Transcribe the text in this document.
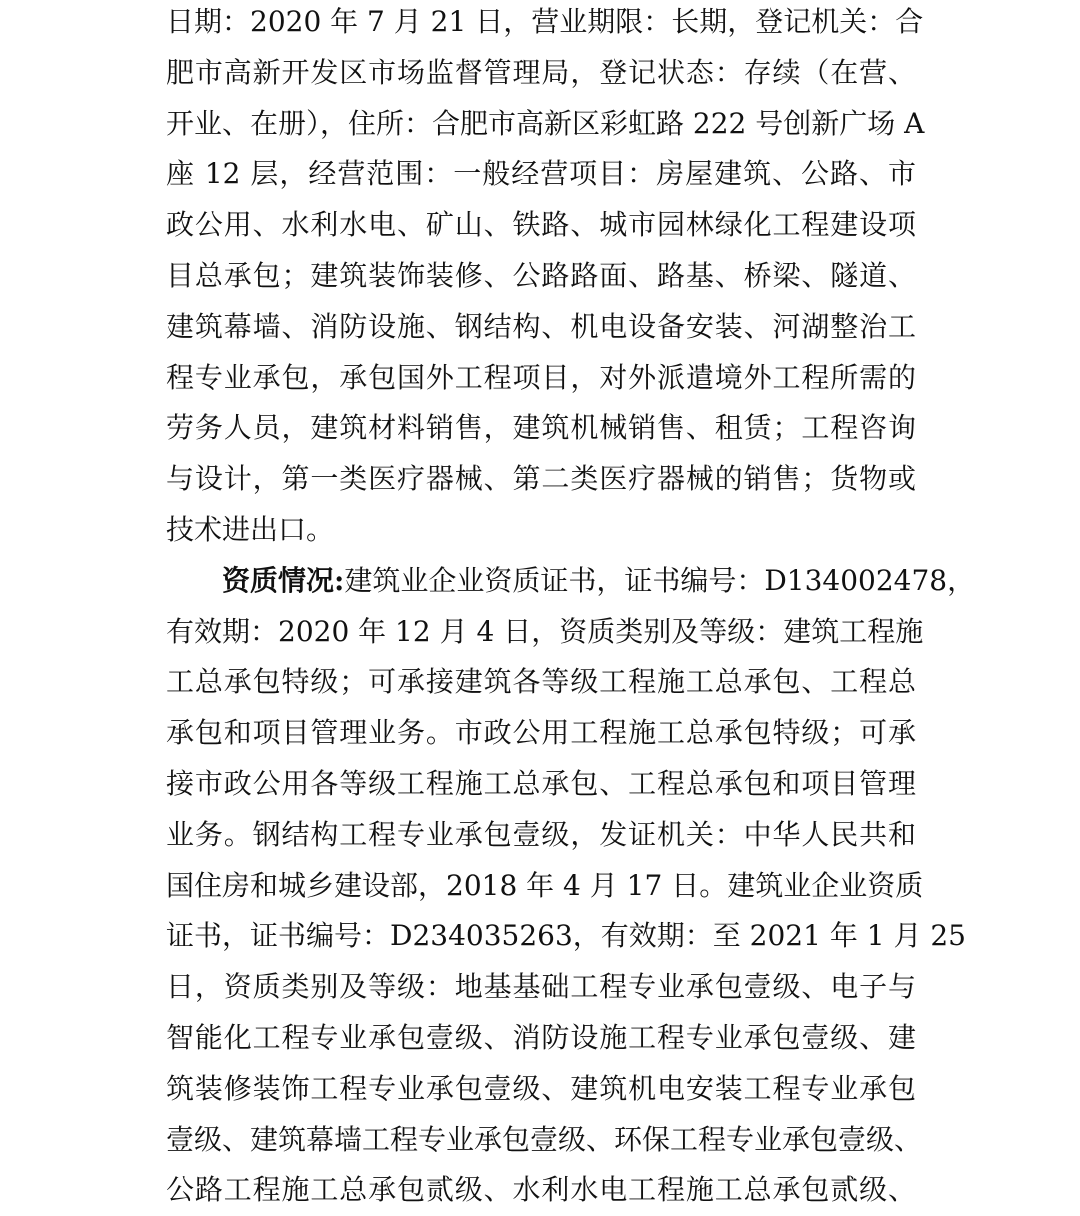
日期：2020 年 7 月 21 日，营业期限：长期，登记机关：合
肥市高新开发区市场监督管理局，登记状态：存续（在营、
开业、在册），住所：合肥市高新区彩虹路 222 号创新广场 A
座 12 层，经营范围：一般经营项目：房屋建筑、公路、市
政公用、水利水电、矿山、铁路、城市园林绿化工程建设项
目总承包；建筑装饰装修、公路路面、路基、桥梁、隧道、
建筑幕墙、消防设施、钢结构、机电设备安装、河湖整治工
程专业承包，承包国外工程项目，对外派遣境外工程所需的
劳务人员，建筑材料销售，建筑机械销售、租赁；工程咨询
与设计，第一类医疗器械、第二类医疗器械的销售；货物或
技术进出口。
资质情况:建筑业企业资质证书，证书编号：D134002478，
有效期：2020 年 12 月 4 日，资质类别及等级：建筑工程施
工总承包特级；可承接建筑各等级工程施工总承包、工程总
承包和项目管理业务。市政公用工程施工总承包特级；可承
接市政公用各等级工程施工总承包、工程总承包和项目管理
业务。钢结构工程专业承包壹级，发证机关：中华人民共和
国住房和城乡建设部，2018 年 4 月 17 日。建筑业企业资质
证书，证书编号：D234035263，有效期：至 2021 年 1 月 25
日，资质类别及等级：地基基础工程专业承包壹级、电子与
智能化工程专业承包壹级、消防设施工程专业承包壹级、建
筑装修装饰工程专业承包壹级、建筑机电安装工程专业承包
壹级、建筑幕墙工程专业承包壹级、环保工程专业承包壹级、
公路工程施工总承包贰级、水利水电工程施工总承包贰级、
